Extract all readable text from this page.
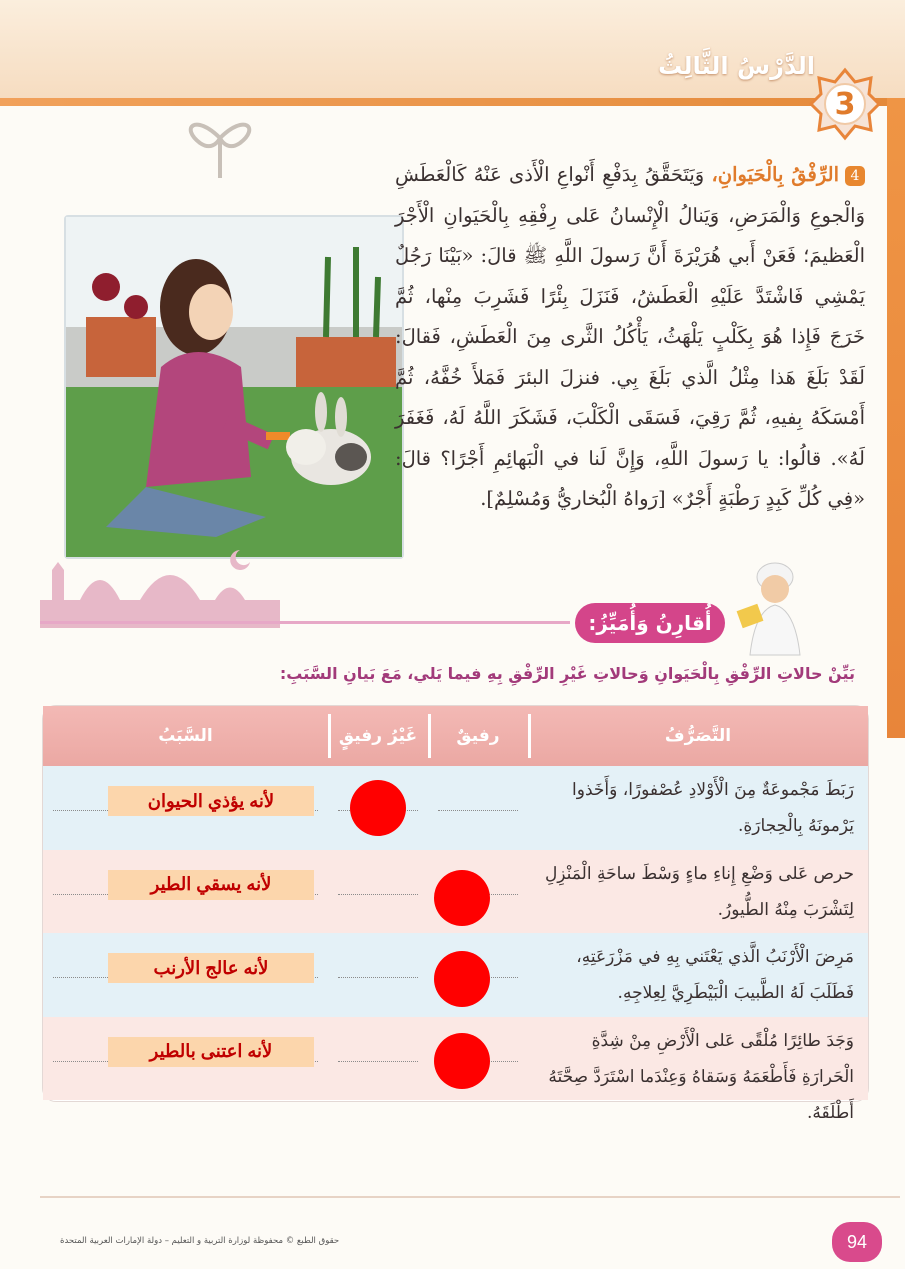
3
الدَّرْسُ الثَّالِثُ
4الرِّفْقُ بِالْحَيَوانِ، وَيَتَحَقَّقُ بِدَفْعِ أَنْواعِ الْأَذى عَنْهُ كَالْعَطَشِ وَالْجوعِ وَالْمَرَضِ، وَيَنالُ الْإِنْسانُ عَلى رِفْقِهِ بِالْحَيَوانِ الْأَجْرَ الْعَظيمَ؛ فَعَنْ أَبي هُرَيْرَةَ أَنَّ رَسولَ اللَّهِ ﷺ قالَ: «بَيْنَا رَجُلٌ يَمْشِي فَاشْتَدَّ عَلَيْهِ الْعَطَشُ، فَنَزَلَ بِئْرًا فَشَرِبَ مِنْها، ثُمَّ خَرَجَ فَإِذا هُوَ بِكَلْبٍ يَلْهَثُ، يَأْكُلُ الثَّرى مِنَ الْعَطَشِ، فَقالَ: لَقَدْ بَلَغَ هَذا مِثْلُ الَّذي بَلَغَ بِي. فنزلَ البئرَ فَمَلأَ خُفَّهُ، ثُمَّ أَمْسَكَهُ بِفيهِ، ثُمَّ رَقِيَ، فَسَقَى الْكَلْبَ، فَشَكَرَ اللَّهُ لَهُ، فَغَفَرَ لَهُ». قالُوا: يا رَسولَ اللَّهِ، وَإِنَّ لَنا في الْبَهائِمِ أَجْرًا؟ قالَ: «فِي كُلِّ كَبِدٍ رَطْبَةٍ أَجْرٌ» [رَواهُ الْبُخاريُّ وَمُسْلِمٌ].
أُقارِنُ وَأُمَيِّزُ:
بَيِّنْ حالاتِ الرِّفْقِ بِالْحَيَوانِ وَحالاتِ غَيْرِ الرِّفْقِ بِهِ فيما يَلي، مَعَ بَيانِ السَّبَبِ:
التَّصَرُّفُ
رفيقٌ
غَيْرُ رفيقٍ
السَّبَبُ
رَبَطَ مَجْموعَةٌ مِنَ الْأَوْلادِ عُصْفورًا، وَأَخَذوا يَرْمونَهُ بِالْحِجارَةِ.
لأنه يؤذي الحيوان
حرص عَلى وَضْعِ إِناءِ ماءٍ وَسْطَ ساحَةِ الْمَنْزِلِ لِتَشْرَبَ مِنْهُ الطُّيورُ.
لأنه يسقي الطير
مَرِضَ الْأَرْنَبُ الَّذي يَعْتَني بِهِ في مَزْرَعَتِهِ، فَطَلَبَ لَهُ الطَّبيبَ الْبَيْطَرِيَّ لِعِلاجِهِ.
لأنه عالج الأرنب
وَجَدَ طائِرًا مُلْقًى عَلى الْأَرْضِ مِنْ شِدَّةِ الْحَرارَةِ فَأَطْعَمَهُ وَسَقاهُ وَعِنْدَما اسْتَرَدَّ صِحَّتَهُ أَطْلَقَهُ.
لأنه اعتنى بالطير
حقوق الطبع © محفوظة لوزارة التربية و التعليم – دولة الإمارات العربية المتحدة	94
